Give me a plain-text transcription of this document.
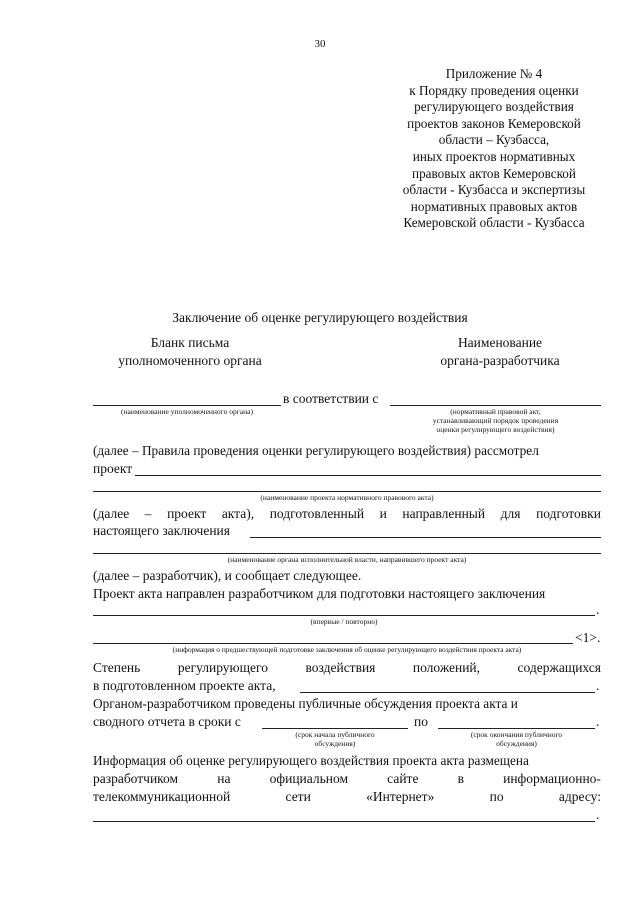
30
Приложение № 4
к Порядку проведения оценки
регулирующего воздействия
проектов законов Кемеровской
области – Кузбасса,
иных проектов нормативных
правовых актов Кемеровской
области - Кузбасса и экспертизы
нормативных правовых актов
Кемеровской области - Кузбасса
Заключение об оценке регулирующего воздействия
Бланк письма
уполномоченного органа
Наименование
органа-разработчика
в соответствии с
(наименование уполномоченного органа)	(нормативный правовой акт,
устанавливающий порядок проведения
оценки регулирующего воздействия)
(далее – Правила проведения оценки регулирующего воздействия) рассмотрел
проект
(наименование проекта нормативного правового акта)
(далее – проект акта), подготовленный и направленный для подготовки
настоящего заключения
(наименование органа исполнительной власти, направившего проект акта)
(далее – разработчик), и сообщает следующее.
Проект акта направлен разработчиком для подготовки настоящего заключения
.
(впервые / повторно)
<1>.
(информация о предшествующей подготовке заключения об оценке регулирующего воздействия проекта акта)
Степень	регулирующего	воздействия	положений,	содержащихся
в подготовленном проекте акта,	.
Органом-разработчиком проведены публичные обсуждения проекта акта и
сводного отчета в сроки с	по	.
(срок начала публичного
обсуждения)
(срок окончания публичного
обсуждения)
Информация об оценке регулирующего воздействия проекта акта размещена
разработчиком	на	официальном	сайте	в	информационно-
телекоммуникационной	сети	«Интернет»	по	адресу:
.
